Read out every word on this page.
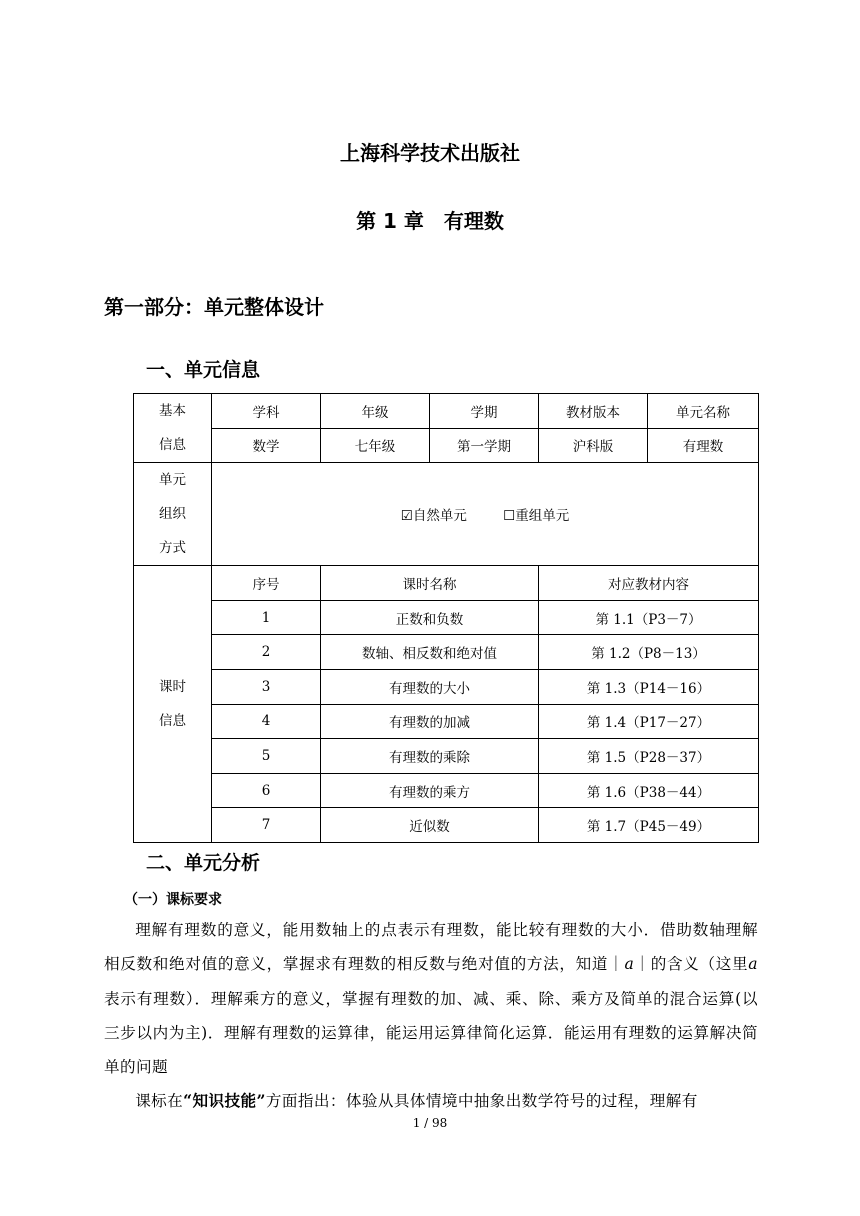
上海科学技术出版社
第 1 章　有理数
第一部分：单元整体设计
一、单元信息
基本
信息	学科	年级	学期	教材版本	单元名称
	数学	七年级	第一学期	沪科版	有理数

单元
组织
方式	☑自然单元 ☐重组单元				

课时
信息	序号	课时名称		对应教材内容	
	1	正数和负数		第 1.1（P3－7）	
	2	数轴、相反数和绝对值		第 1.2（P8－13）	
	3	有理数的大小		第 1.3（P14－16）	
	4	有理数的加减		第 1.4（P17－27）	
	5	有理数的乘除		第 1.5（P28－37）	
	6	有理数的乘方		第 1.6（P38－44）	
	7	近似数		第 1.7（P45－49）	
二、单元分析
（一）课标要求

理解有理数的意义，能用数轴上的点表示有理数，能比较有理数的大小．借助数轴理解相反数和绝对值的意义，掌握求有理数的相反数与绝对值的方法，知道｜a｜的含义（这里a表示有理数）．理解乘方的意义，掌握有理数的加、减、乘、除、乘方及简单的混合运算(以三步以内为主)．理解有理数的运算律，能运用运算律简化运算．能运用有理数的运算解决简单的问题

课标在“知识技能”方面指出：体验从具体情境中抽象出数学符号的过程，理解有

1 / 98
